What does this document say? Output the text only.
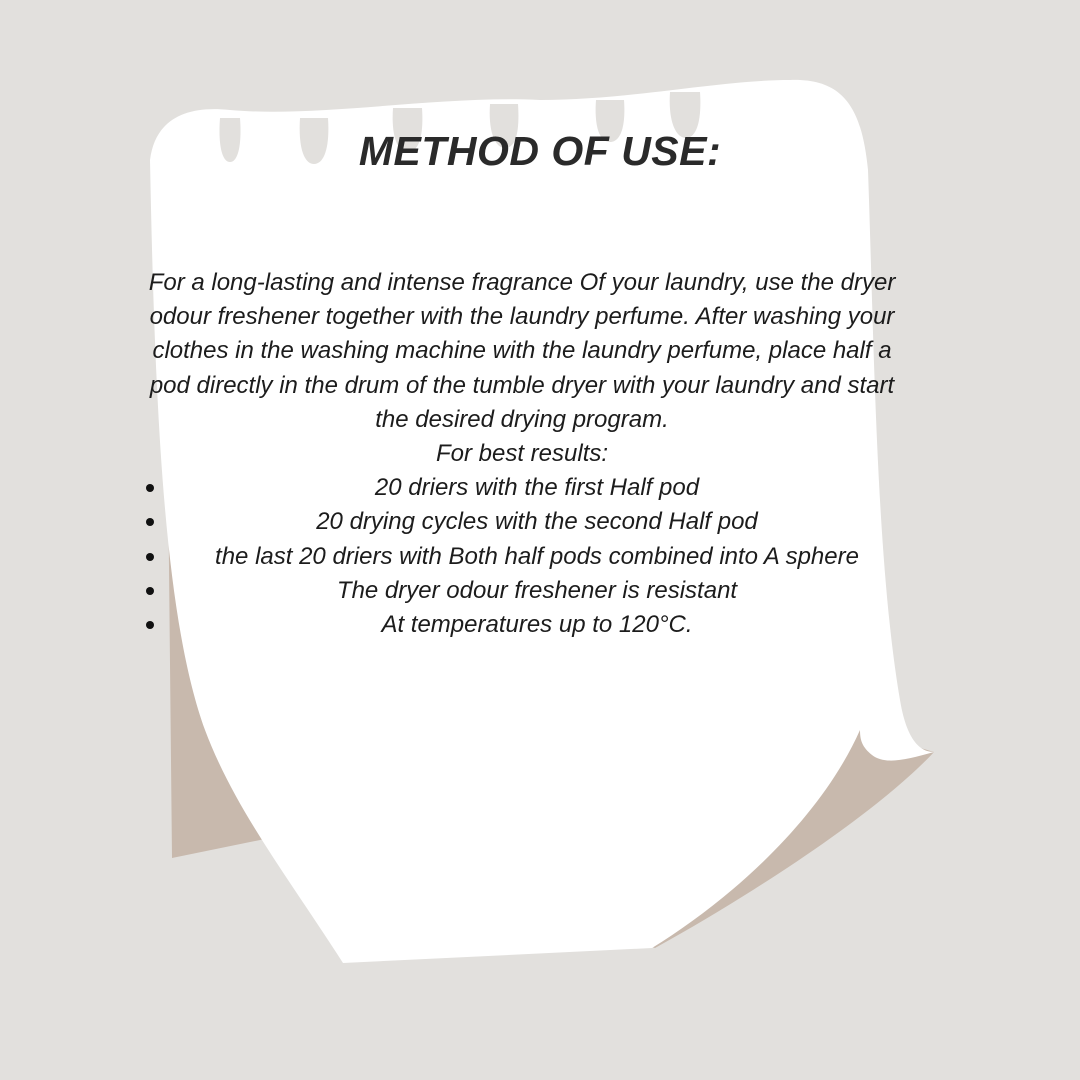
METHOD OF USE:

For a long-lasting and intense fragrance Of your laundry, use the dryer odour freshener together with the laundry perfume. After washing your clothes in the washing machine with the laundry perfume, place half a pod directly in the drum of the tumble dryer with your laundry and start the desired drying program.

For best results:

20 driers with the first Half pod
20 drying cycles with the second Half pod
the last 20 driers with Both half pods combined into A sphere
The dryer odour freshener is resistant
At temperatures up to 120°C.
